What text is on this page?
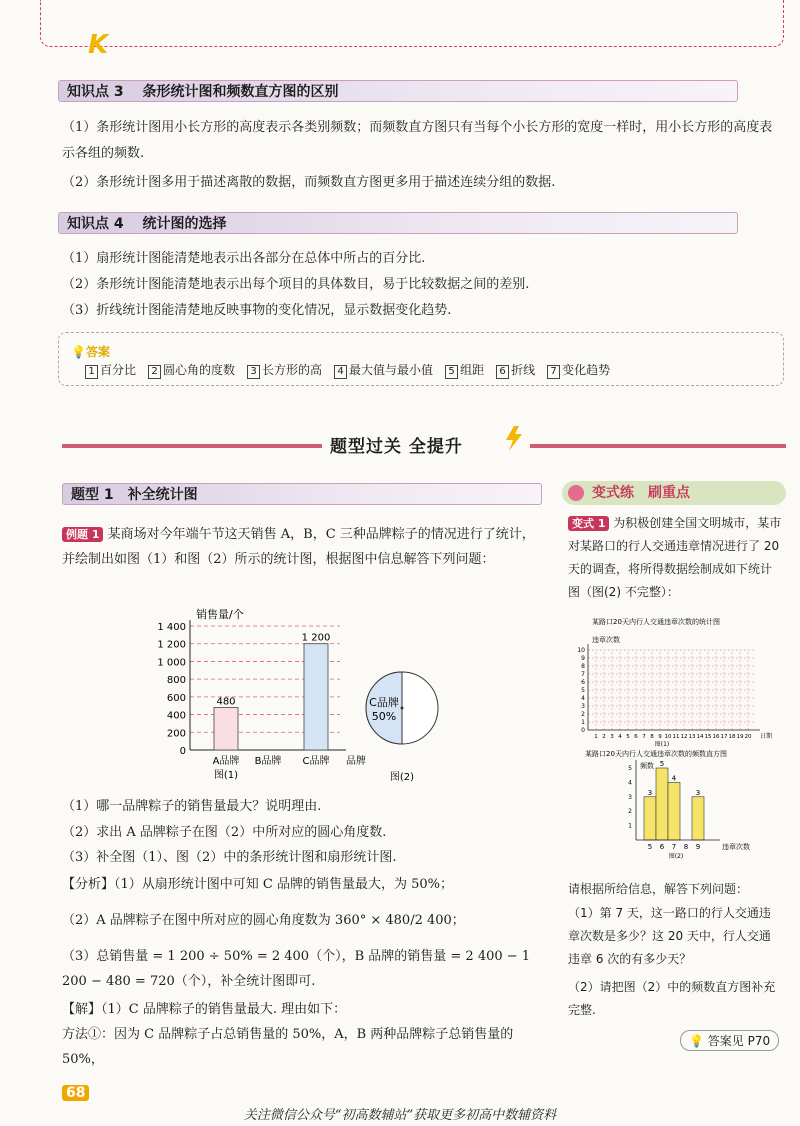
K
知识点 3 条形统计图和频数直方图的区别
（1）条形统计图用小长方形的高度表示各类别频数；而频数直方图只有当每个小长方形的宽度一样时，用小长方形的高度表示各组的频数.
（2）条形统计图多用于描述离散的数据，而频数直方图更多用于描述连续分组的数据.
知识点 4 统计图的选择
（1）扇形统计图能清楚地表示出各部分在总体中所占的百分比.
（2）条形统计图能清楚地表示出每个项目的具体数目，易于比较数据之间的差别.
（3）折线统计图能清楚地反映事物的变化情况，显示数据变化趋势.
💡答案
1 百分比 2 圆心角的度数 3 长方形的高 4 最大值与最小值 5 组距 6 折线 7 变化趋势
题型过关 全提升
题型 1　补全统计图
例题 1 某商场对今年端午节这天销售 A，B，C 三种品牌粽子的情况进行了统计，并绘制出如图（1）和图（2）所示的统计图，根据图中信息解答下列问题：
销售量/个
0
200
400
600
800
1 000
1 200
1 400
480
A品牌 B品牌
1 200
C品牌 品牌
图(1)
C品牌
50%
图(2)
（1）哪一品牌粽子的销售量最大？说明理由.
（2）求出 A 品牌粽子在图（2）中所对应的圆心角度数.
（3）补全图（1）、图（2）中的条形统计图和扇形统计图.
【分析】（1）从扇形统计图中可知 C 品牌的销售量最大，为 50%；
（2）A 品牌粽子在图中所对应的圆心角度数为 360° × 480/2 400；
（3）总销售量 = 1 200 ÷ 50% = 2 400（个），B 品牌的销售量 = 2 400 − 1 200 − 480 = 720（个），补全统计图即可.
【解】（1）C 品牌粽子的销售量最大. 理由如下：
方法①：因为 C 品牌粽子占总销售量的 50%，A，B 两种品牌粽子总销售量的 50%，
变式练　刷重点
变式 1 为积极创建全国文明城市，某市对某路口的行人交通违章情况进行了 20 天的调查，将所得数据绘制成如下统计图（图(2) 不完整）：
某路口20天内行人交通违章次数的统计图
违章次数
0
1
2
3
4
5
6
7
8
9
10
1 2 3 4 5 6 7 8 9 10 11 12 13 14 15 16 17 18 19 20 日期
图(1)
某路口20天内行人交通违章次数的频数直方图
频数
1
2
3
4
5
3
5
5
6
4
7 8
3
9	违章次数
图(2)
请根据所给信息，解答下列问题：
（1）第 7 天，这一路口的行人交通违章次数是多少？这 20 天中，行人交通违章 6 次的有多少天？
（2）请把图（2）中的频数直方图补充完整.
💡 答案见 P70
68
关注微信公众号“初高数辅站”获取更多初高中数辅资料
